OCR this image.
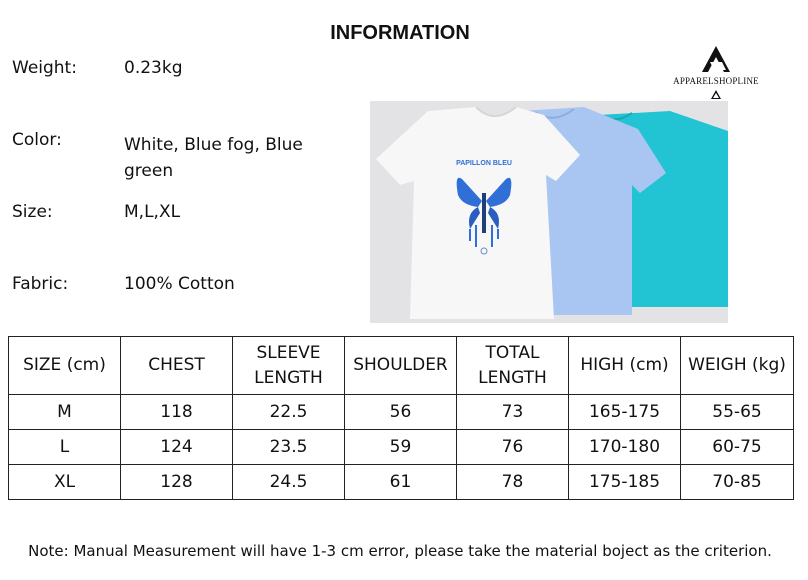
INFORMATION
Weight:	0.23kg
Color:	White, Blue fog, Blue green
Size:	M,L,XL
Fabric:	100% Cotton
APPARELSHOPLINE
PAPILLON BLEU
SIZE (cm)	CHEST	SLEEVE LENGTH	SHOULDER	TOTAL LENGTH	HIGH (cm)	WEIGH (kg)
M	118	22.5	56	73	165-175	55-65
L	124	23.5	59	76	170-180	60-75
XL	128	24.5	61	78	175-185	70-85
Note: Manual Measurement will have 1-3 cm error, please take the material boject as the criterion.
